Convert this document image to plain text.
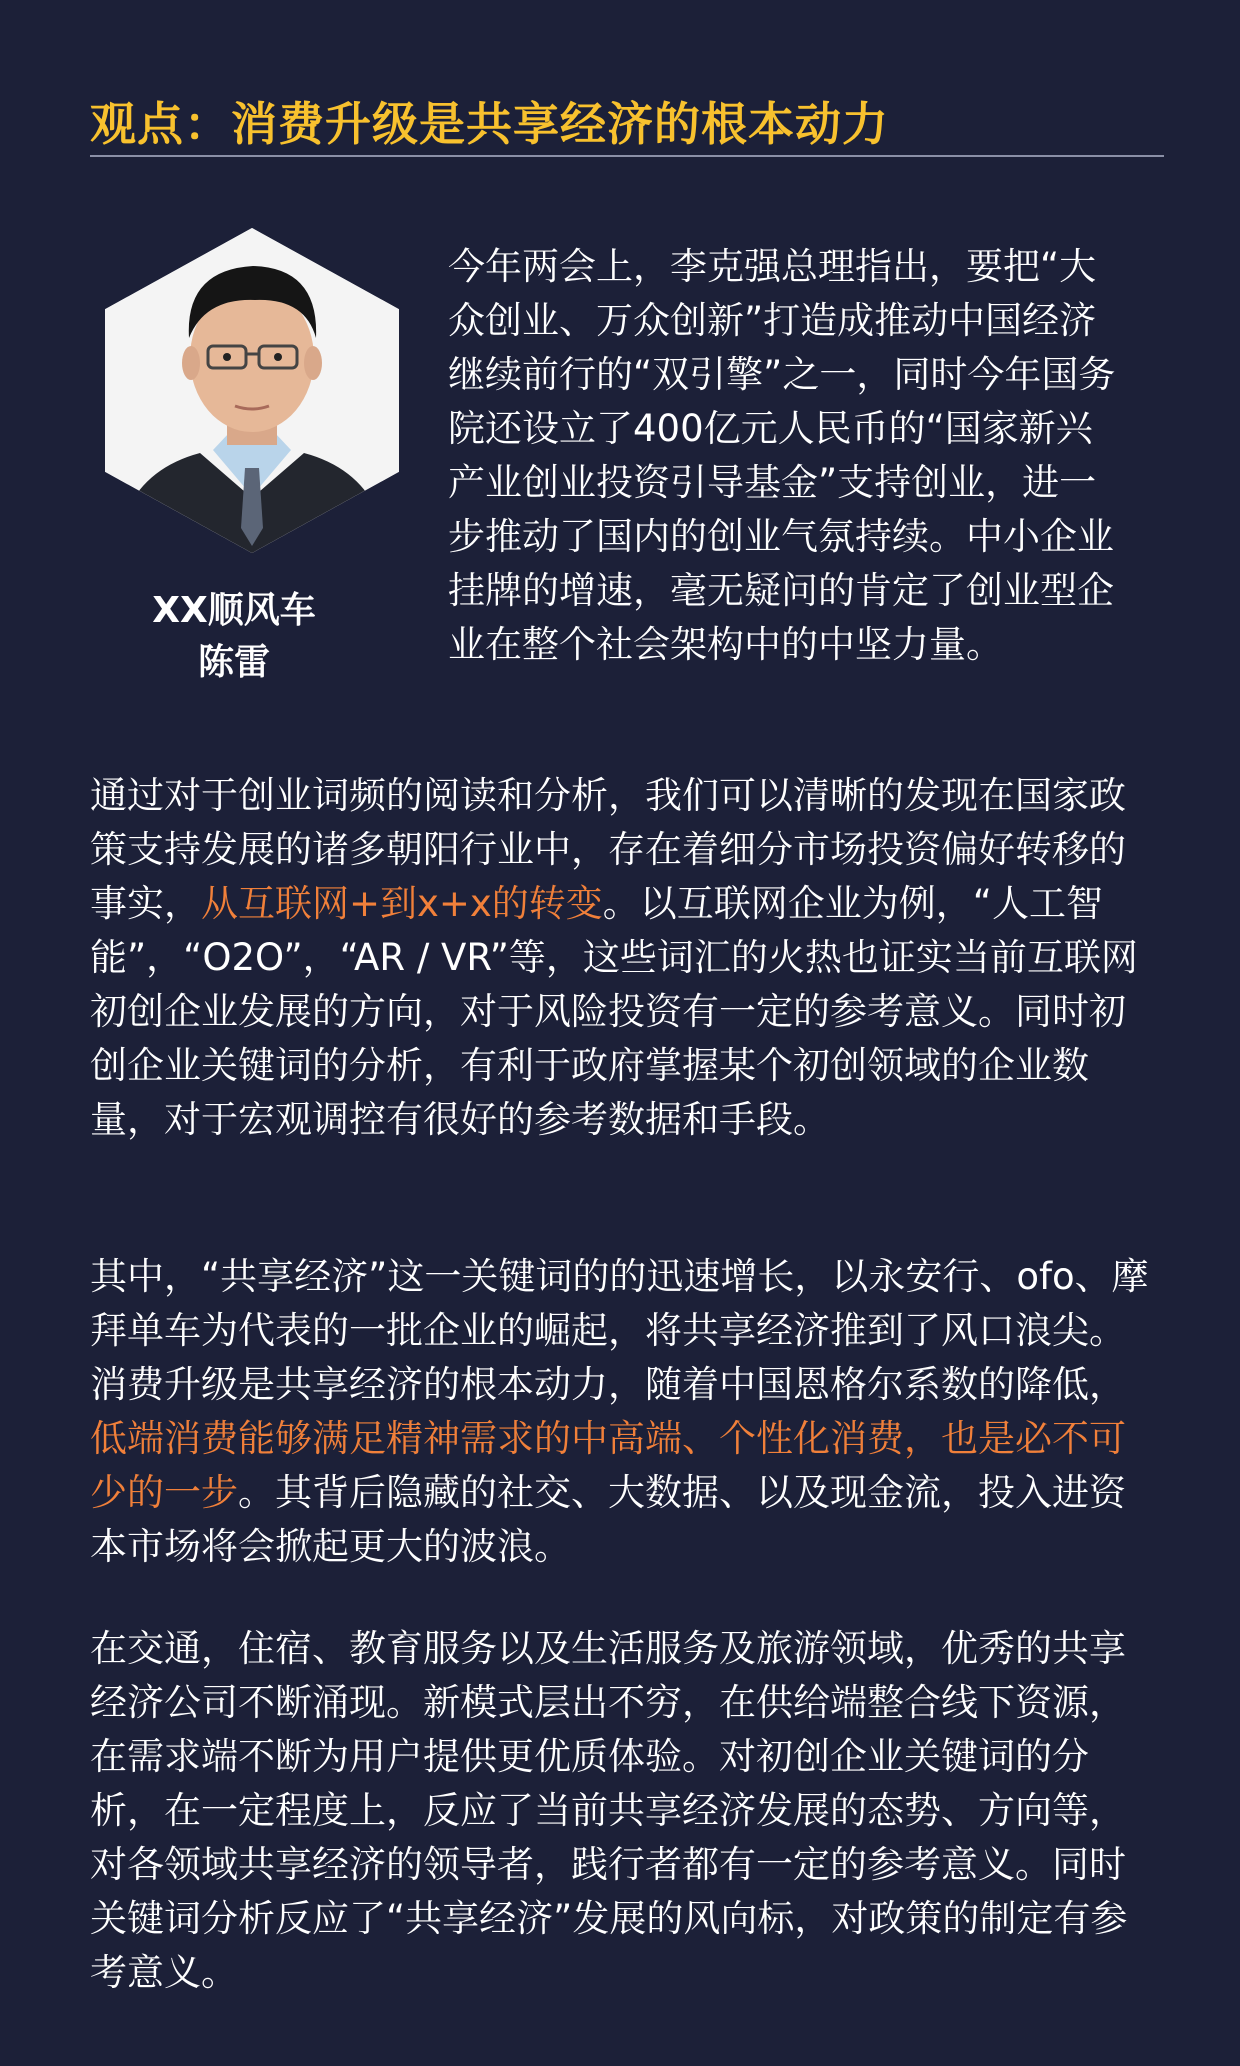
观点：消费升级是共享经济的根本动力
XX顺风车
陈雷

今年两会上，李克强总理指出，要把“大众创业、万众创新”打造成推动中国经济继续前行的“双引擎”之一，同时今年国务院还设立了400亿元人民币的“国家新兴产业创业投资引导基金”支持创业，进一步推动了国内的创业气氛持续。中小企业挂牌的增速，毫无疑问的肯定了创业型企业在整个社会架构中的中坚力量。

通过对于创业词频的阅读和分析，我们可以清晰的发现在国家政策支持发展的诸多朝阳行业中，存在着细分市场投资偏好转移的事实，从互联网+到x+x的转变。以互联网企业为例，“人工智能”，“O2O”，“AR / VR”等，这些词汇的火热也证实当前互联网初创企业发展的方向，对于风险投资有一定的参考意义。同时初创企业关键词的分析，有利于政府掌握某个初创领域的企业数量，对于宏观调控有很好的参考数据和手段。

其中，“共享经济”这一关键词的的迅速增长，以永安行、ofo、摩拜单车为代表的一批企业的崛起，将共享经济推到了风口浪尖。消费升级是共享经济的根本动力，随着中国恩格尔系数的降低，低端消费能够满足精神需求的中高端、个性化消费，也是必不可少的一步。其背后隐藏的社交、大数据、以及现金流，投入进资本市场将会掀起更大的波浪。

在交通，住宿、教育服务以及生活服务及旅游领域，优秀的共享经济公司不断涌现。新模式层出不穷，在供给端整合线下资源，在需求端不断为用户提供更优质体验。对初创企业关键词的分析，在一定程度上，反应了当前共享经济发展的态势、方向等，对各领域共享经济的领导者，践行者都有一定的参考意义。同时关键词分析反应了“共享经济”发展的风向标，对政策的制定有参考意义。
